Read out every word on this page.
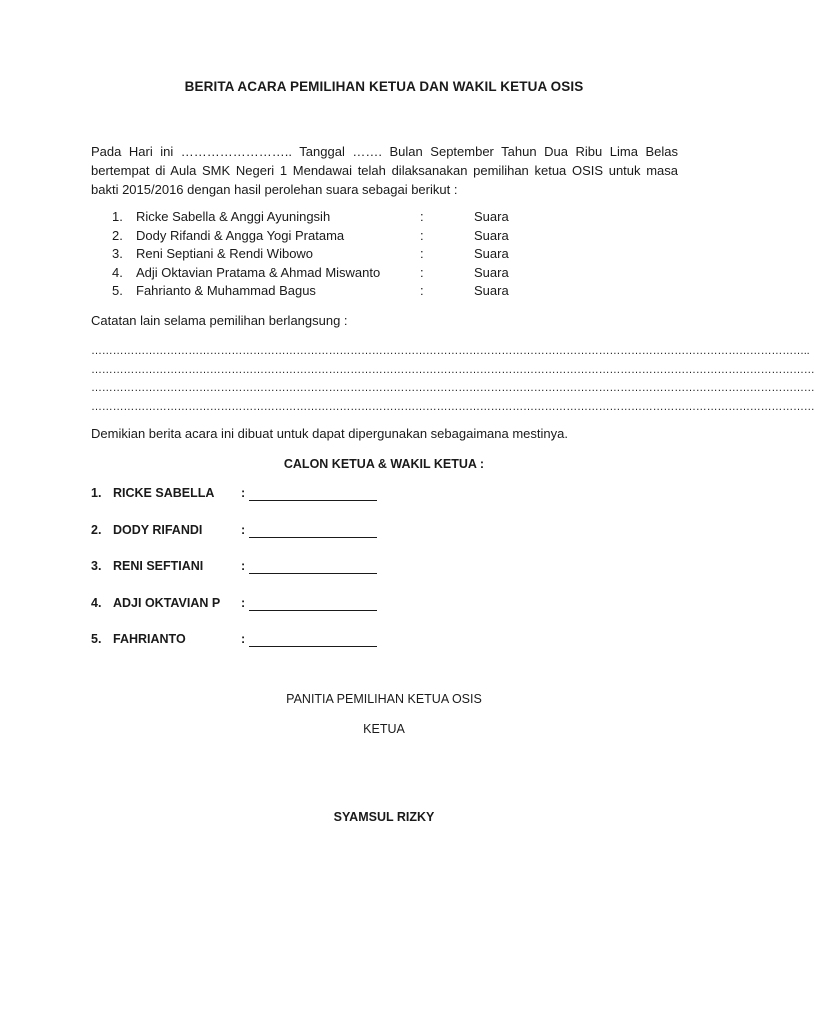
BERITA ACARA PEMILIHAN KETUA DAN WAKIL KETUA OSIS
Pada Hari ini …………………….. Tanggal ……. Bulan September Tahun Dua Ribu Lima Belas bertempat di Aula SMK Negeri 1 Mendawai telah dilaksanakan pemilihan ketua OSIS untuk masa bakti 2015/2016 dengan hasil perolehan suara sebagai berikut :
1.	Ricke Sabella & Anggi Ayuningsih	:	Suara
2.	Dody Rifandi & Angga Yogi Pratama	:	Suara
3.	Reni Septiani & Rendi Wibowo	:	Suara
4.	Adji Oktavian Pratama & Ahmad Miswanto	:	Suara
5.	Fahrianto & Muhammad Bagus	:	Suara
Catatan lain selama pemilihan berlangsung :
………………………………………………………………………………………………………………………………………………………………………………..
…………………………………………………………………………………………………………………………………………………………………………………
…………………………………………………………………………………………………………………………………………………………………………………
…………………………………………………………………………………………………………………………………………………………………………………
Demikian berita acara ini dibuat untuk dapat dipergunakan sebagaimana mestinya.
CALON KETUA & WAKIL KETUA :
1. RICKE SABELLA :
2. DODY RIFANDI	:
3. RENI SEFTIANI	:
4. ADJI OKTAVIAN P :
5. FAHRIANTO	:
PANITIA PEMILIHAN KETUA OSIS
KETUA
SYAMSUL RIZKY
